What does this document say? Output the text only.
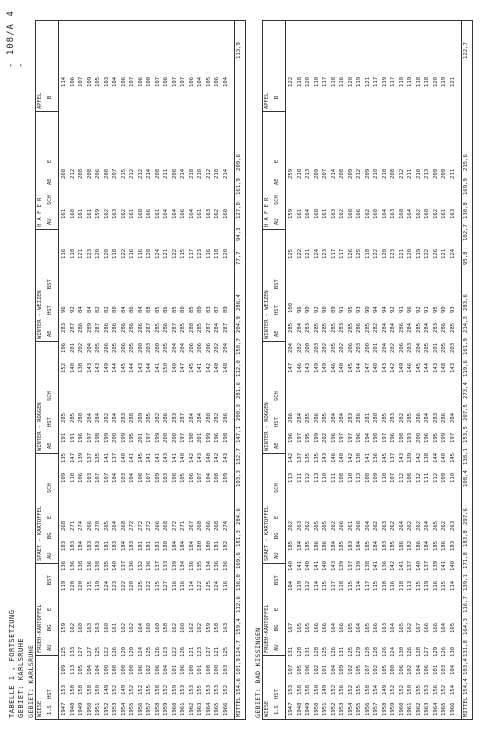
- 108/A 4 -
TABELLE 1 , FORTSETZUNG GEBIET: KARLSRUHE GEBIET: KARLSRUHE WIESE
FRUEH-KARTOFFEL
SPAET - KARTOFFEL
WINTER - ROGGEN
WINTER - WEIZEN
H A F E R
APFEL
1.S
HST
AU
BG
E
BST
AU
BG
E
SCH
AE
HST
SCH
AE
HST
BST
AU
SCH
AE
E
B
1947
153
109
125
159
119
136
183
268
109
135
191
285
152
196
283
96
116
161
260
114
1948
158
113
133
162
120
136
183
271
110
147
191
285
140
201
287
92
118
160
212
106
1949
158
105
127
160
120
138
184
274
106
139
196
280
138
202
286
84
121
161
208
107
1950
158
104
127
163
115
136
183
266
103
137
197
284
143
204
289
84
123
161
208
109
1951
150
104
125
163
119
138
183
270
107
135
198
284
143
205
287
82
120
159
206
105
1952
149
100
122
160
124
135
181
265
107
141
199
282
149
206
286
82
120
162
208
103
1953
152
108
126
161
123
140
183
264
104
137
200
284
144
205
286
80
118
163
207
104
1954
149
100
120
162
122
137
184
268
103
140
199
283
145
206
286
84
122
162
215
106
1955
152
100
120
162
120
136
183
272
104
141
195
288
144
205
286
86
116
161
212
107
1956
152
106
124
164
125
132
181
272
108
145
201
289
143
200
286
84
116
160
212
106
1957
155
102
125
160
122
136
181
272
107
141
197
285
144
203
287
88
120
166
214
108
1958
158
106
126
160
115
137
181
266
109
141
199
282
141
200
285
85
124
161
208
107
1959
152
104
123
158
127
133
180
268
103
143
200
286
150
205
286
86
121
164
211
106
1960
159
101
122
162
116
139
184
272
108
141
200
283
140
204
287
85
122
164
208
107
1961
153
106
126
160
116
134
184
271
105
140
197
287
147
204
285
80
115
166
214
107
1962
153
100
121
162
114
136
184
267
106
142
198
284
145
206
288
85
117
164
210
106
1963
155
101
123
162
122
135
180
268
107
143
201
284
141
206
285
80
123
161
210
104
1964
153
108
127
159
125
134
180
266
104
140
199
280
142
206
287
83
116
163
212
105
1965
153
100
121
158
124
136
181
268
108
142
196
282
140
202
284
87
118
162
210
106
1966
152
103
125
163
116
136
182
274
109
143
198
286
148
204
287
89
120
160
214
104
MITTEL
154,6
101,9
124,7
159,4
112,6
136,0
169,6
181,3
284,6
103,3
132,7
147,1
200,3
281,6
112,0
150,7
204,9
286,4
77,7
94,3
127,0
161,9
209,6
113,9
GEBIET: BAD KISSINGEN WIESE
FRUEH-KARTOFFEL
SPAET - KARTOFFEL
WINTER - ROGGEN
WINTER - WEIZEN
H A F E R
APFEL
1.S
HST
AU
BG
E
BST
AU
BG
E
SCH
AE
HST
SCH
AE
HST
BST
AU
SCH
AE
E
B
1947
153
107
131
167
104
140
185
262
113
142
196
286
147
204
285
100
125
159
259
122
1948
158
105
128
165
119
141
184
263
111
137
197
284
146
202
284
96
122
161
210
118
1949
158
106
131
165
112
140
185
262
112
135
195
285
143
200
283
90
121
164
213
120
1950
150
102
128
166
114
141
186
265
113
135
199
286
149
203
285
92
124
160
209
118
1951
149
101
125
166
115
140
186
265
110
143
202
285
149
202
285
90
123
161
207
117
1952
152
104
126
164
117
143
184
262
111
146
196
284
146
205
285
89
117
163
214
118
1953
156
109
131
166
118
139
185
266
108
140
197
284
140
202
283
91
117
162
208
116
1954
152
102
125
165
115
137
183
261
110
142
197
283
145
206
285
95
126
160
209
120
1955
155
105
129
164
114
139
184
260
113
138
196
286
144
203
286
93
125
166
212
119
1956
158
107
128
165
117
138
185
264
108
141
194
281
147
200
285
90
118
162
209
121
1957
154
102
128
166
115
141
184
262
109
136
198
280
140
201
282
94
122
160
210
117
1958
149
105
126
163
118
136
183
263
110
145
197
285
143
204
284
94
120
164
210
119
1959
152
100
124
164
116
142
185
262
107
137
196
283
142
202
284
92
123
163
208
117
1960
152
106
130
165
118
141
186
264
112
143
198
282
149
206
286
91
121
160
212
118
1961
150
102
126
162
113
137
182
262
108
139
193
285
146
203
284
96
120
164
211
119
1962
155
104
128
167
115
140
186
262
112
142
200
286
145
204
285
92
119
162
210
118
1963
153
106
127
166
119
137
184
264
111
138
196
284
144
205
284
91
122
160
213
118
1964
156
101
129
166
116
139
185
265
112
144
195
283
143
201
283
95
126
162
209
120
1965
152
103
126
164
115
141
186
262
109
140
199
286
148
205
286
90
121
161
209
119
1966
154
104
130
165
114
140
183
263
110
145
197
284
143
203
285
93
124
163
211
121
MITTEL
154,4
103,4
131,8
164,3
116,7
139,1
171,8
183,8
297,6
108,4
138,1
153,5
207,5
273,4
119,6
161,9
214,3
283,6
95,8
102,7
130,8
169,9
215,6
122,7
